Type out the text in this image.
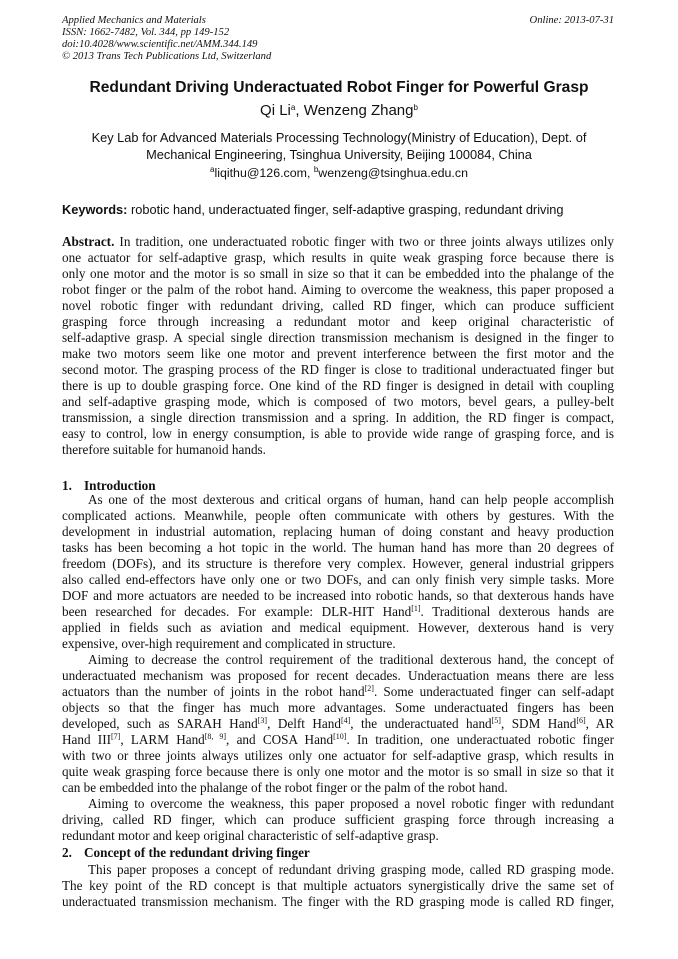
Applied Mechanics and Materials
ISSN: 1662-7482, Vol. 344, pp 149-152
doi:10.4028/www.scientific.net/AMM.344.149
© 2013 Trans Tech Publications Ltd, Switzerland
Online: 2013-07-31
Redundant Driving Underactuated Robot Finger for Powerful Grasp
Qi Li$^a$, Wenzeng Zhang$^b$
Key Lab for Advanced Materials Processing Technology(Ministry of Education), Dept. of
Mechanical Engineering, Tsinghua University, Beijing 100084, China
$^a$liqithu@126.com, $^b$wenzeng@tsinghua.edu.cn
Keywords: robotic hand, underactuated finger, self-adaptive grasping, redundant driving
Abstract. In tradition, one underactuated robotic finger with two or three joints always utilizes only
one actuator for self-adaptive grasp, which results in quite weak grasping force because there is
only one motor and the motor is so small in size so that it can be embedded into the phalange of the
robot finger or the palm of the robot hand. Aiming to overcome the weakness, this paper proposed a
novel robotic finger with redundant driving, called RD finger, which can produce sufficient
grasping force through increasing a redundant motor and keep original characteristic of
self-adaptive grasp. A special single direction transmission mechanism is designed in the finger to
make two motors seem like one motor and prevent interference between the first motor and the
second motor. The grasping process of the RD finger is close to traditional underactuated finger but
there is up to double grasping force. One kind of the RD finger is designed in detail with coupling
and self-adaptive grasping mode, which is composed of two motors, bevel gears, a pulley-belt
transmission, a single direction transmission and a spring. In addition, the RD finger is compact,
easy to control, low in energy consumption, is able to provide wide range of grasping force, and is
therefore suitable for humanoid hands.
1. Introduction
As one of the most dexterous and critical organs of human, hand can help people accomplish
complicated actions. Meanwhile, people often communicate with others by gestures. With the
development in industrial automation, replacing human of doing constant and heavy production
tasks has been becoming a hot topic in the world. The human hand has more than 20 degrees of
freedom (DOFs), and its structure is therefore very complex. However, general industrial grippers
also called end-effectors have only one or two DOFs, and can only finish very simple tasks. More
DOF and more actuators are needed to be increased into robotic hands, so that dexterous hands have
been researched for decades. For example: DLR-HIT Hand[1]. Traditional dexterous hands are
applied in fields such as aviation and medical equipment. However, dexterous hand is very
expensive, over-high requirement and complicated in structure.
Aiming to decrease the control requirement of the traditional dexterous hand, the concept of
underactuated mechanism was proposed for recent decades. Underactuation means there are less
actuators than the number of joints in the robot hand[2]. Some underactuated finger can self-adapt
objects so that the finger has much more advantages. Some underactuated fingers has been
developed, such as SARAH Hand[3], Delft Hand[4], the underactuated hand[5], SDM Hand[6], AR
Hand III[7], LARM Hand[8, 9], and COSA Hand[10]. In tradition, one underactuated robotic finger
with two or three joints always utilizes only one actuator for self-adaptive grasp, which results in
quite weak grasping force because there is only one motor and the motor is so small in size so that it
can be embedded into the phalange of the robot finger or the palm of the robot hand.
Aiming to overcome the weakness, this paper proposed a novel robotic finger with redundant
driving, called RD finger, which can produce sufficient grasping force through increasing a
redundant motor and keep original characteristic of self-adaptive grasp.
2. Concept of the redundant driving finger
This paper proposes a concept of redundant driving grasping mode, called RD grasping mode.
The key point of the RD concept is that multiple actuators synergistically drive the same set of
underactuated transmission mechanism. The finger with the RD grasping mode is called RD finger,
